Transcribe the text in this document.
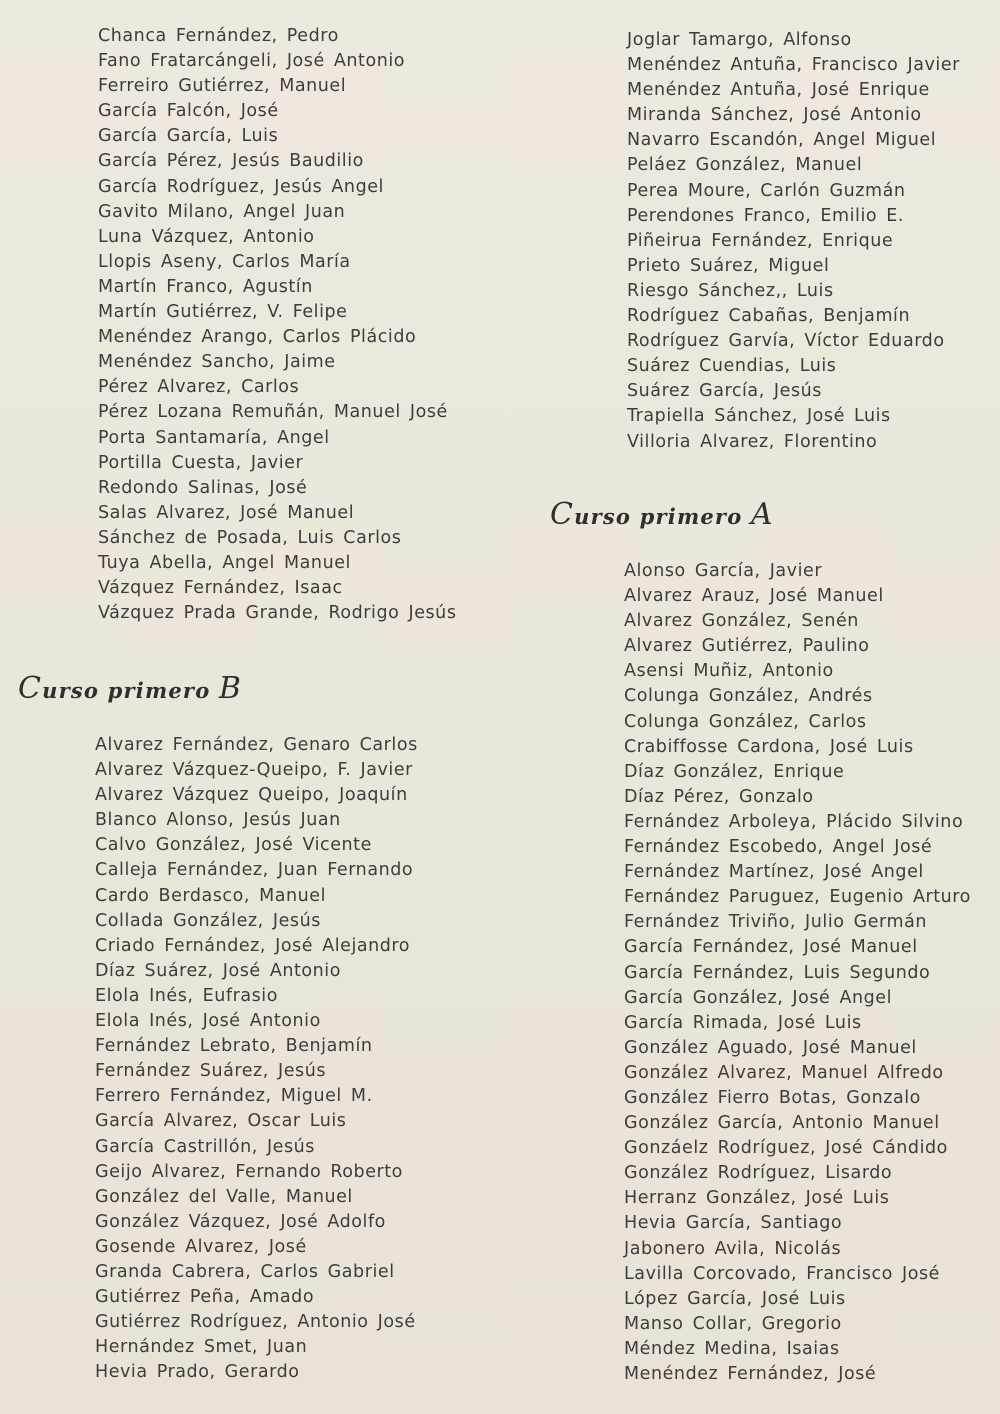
Chanca Fernández, Pedro
Fano Fratarcángeli, José Antonio
Ferreiro Gutiérrez, Manuel
García Falcón, José
García García, Luis
García Pérez, Jesús Baudilio
García Rodríguez, Jesús Angel
Gavito Milano, Angel Juan
Luna Vázquez, Antonio
Llopis Aseny, Carlos María
Martín Franco, Agustín
Martín Gutiérrez, V. Felipe
Menéndez Arango, Carlos Plácido
Menéndez Sancho, Jaime
Pérez Alvarez, Carlos
Pérez Lozana Remuñán, Manuel José
Porta Santamaría, Angel
Portilla Cuesta, Javier
Redondo Salinas, José
Salas Alvarez, José Manuel
Sánchez de Posada, Luis Carlos
Tuya Abella, Angel Manuel
Vázquez Fernández, Isaac
Vázquez Prada Grande, Rodrigo Jesús
Curso primero B
Alvarez Fernández, Genaro Carlos
Alvarez Vázquez-Queipo, F. Javier
Alvarez Vázquez Queipo, Joaquín
Blanco Alonso, Jesús Juan
Calvo González, José Vicente
Calleja Fernández, Juan Fernando
Cardo Berdasco, Manuel
Collada González, Jesús
Criado Fernández, José Alejandro
Díaz Suárez, José Antonio
Elola Inés, Eufrasio
Elola Inés, José Antonio
Fernández Lebrato, Benjamín
Fernández Suárez, Jesús
Ferrero Fernández, Miguel M.
García Alvarez, Oscar Luis
García Castrillón, Jesús
Geijo Alvarez, Fernando Roberto
González del Valle, Manuel
González Vázquez, José Adolfo
Gosende Alvarez, José
Granda Cabrera, Carlos Gabriel
Gutiérrez Peña, Amado
Gutiérrez Rodríguez, Antonio José
Hernández Smet, Juan
Hevia Prado, Gerardo
Joglar Tamargo, Alfonso
Menéndez Antuña, Francisco Javier
Menéndez Antuña, José Enrique
Miranda Sánchez, José Antonio
Navarro Escandón, Angel Miguel
Peláez González, Manuel
Perea Moure, Carlón Guzmán
Perendones Franco, Emilio E.
Piñeirua Fernández, Enrique
Prieto Suárez, Miguel
Riesgo Sánchez,, Luis
Rodríguez Cabañas, Benjamín
Rodríguez Garvía, Víctor Eduardo
Suárez Cuendias, Luis
Suárez García, Jesús
Trapiella Sánchez, José Luis
Villoria Alvarez, Florentino
Curso primero A
Alonso García, Javier
Alvarez Arauz, José Manuel
Alvarez González, Senén
Alvarez Gutiérrez, Paulino
Asensi Muñiz, Antonio
Colunga González, Andrés
Colunga González, Carlos
Crabiffosse Cardona, José Luis
Díaz González, Enrique
Díaz Pérez, Gonzalo
Fernández Arboleya, Plácido Silvino
Fernández Escobedo, Angel José
Fernández Martínez, José Angel
Fernández Paruguez, Eugenio Arturo
Fernández Triviño, Julio Germán
García Fernández, José Manuel
García Fernández, Luis Segundo
García González, José Angel
García Rimada, José Luis
González Aguado, José Manuel
González Alvarez, Manuel Alfredo
González Fierro Botas, Gonzalo
González García, Antonio Manuel
Gonzáelz Rodríguez, José Cándido
González Rodríguez, Lisardo
Herranz González, José Luis
Hevia García, Santiago
Jabonero Avila, Nicolás
Lavilla Corcovado, Francisco José
López García, José Luis
Manso Collar, Gregorio
Méndez Medina, Isaias
Menéndez Fernández, José
